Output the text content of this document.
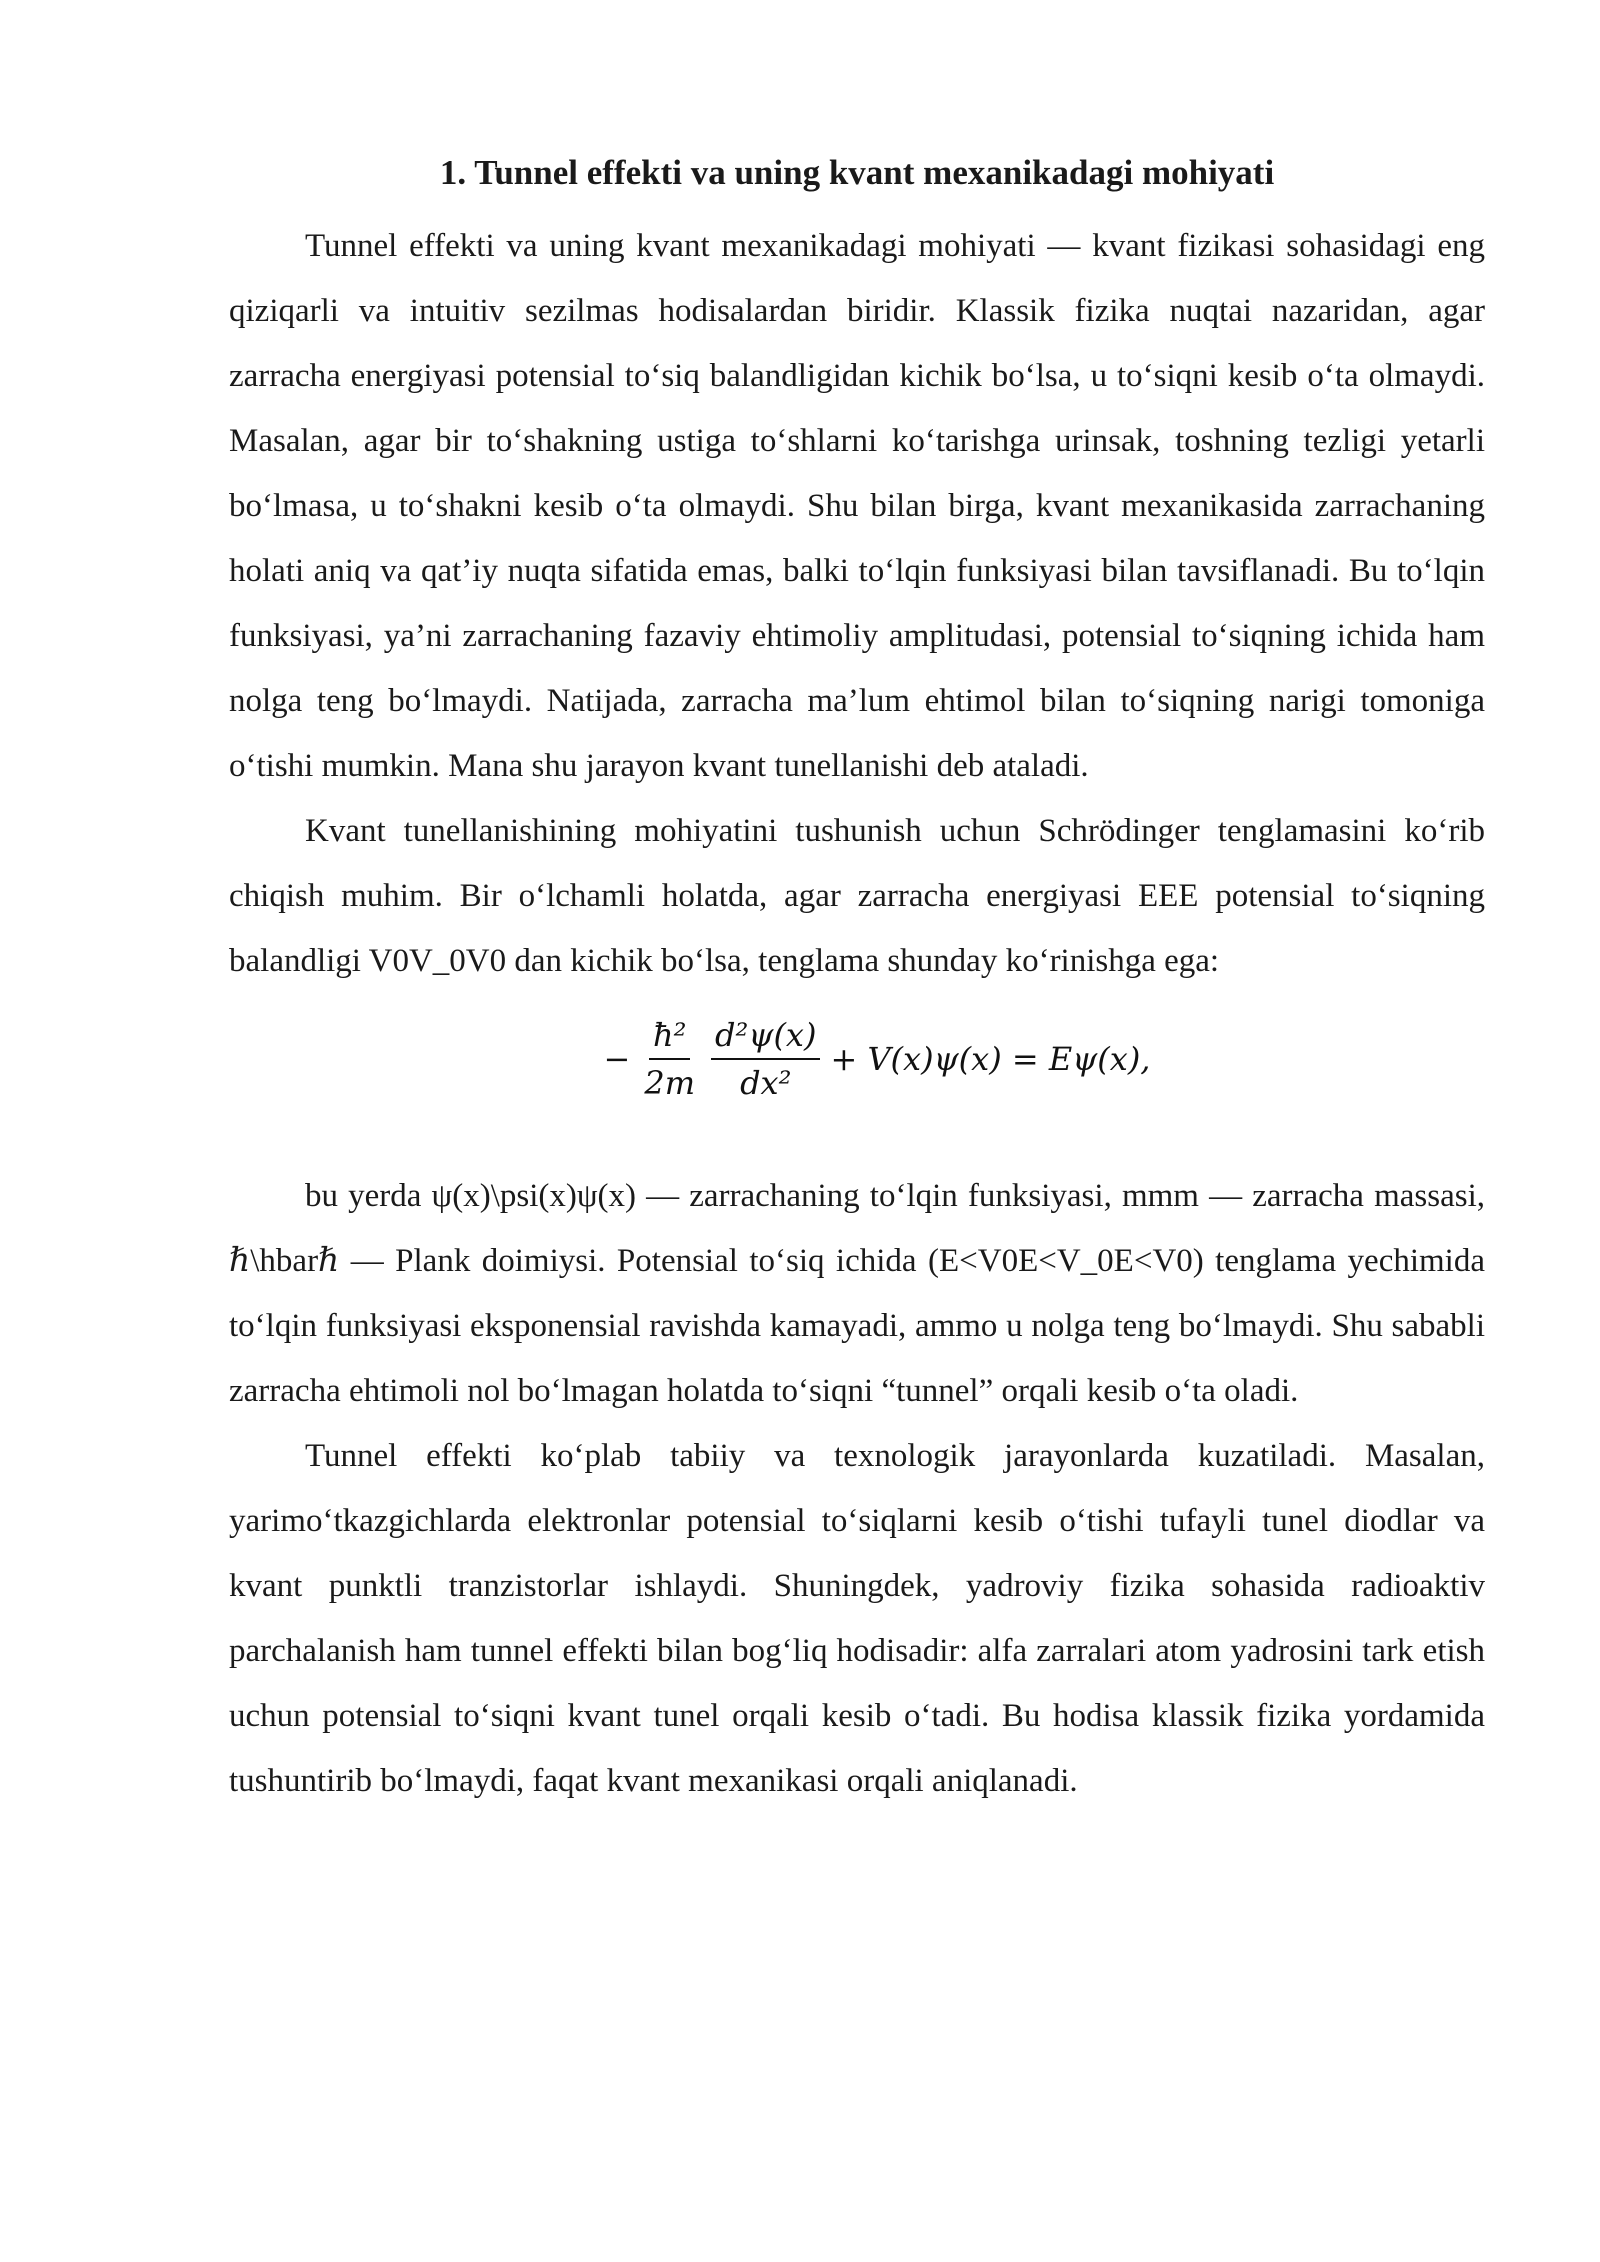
1. Tunnel effekti va uning kvant mexanikadagi mohiyati

Tunnel effekti va uning kvant mexanikadagi mohiyati — kvant fizikasi sohasidagi eng qiziqarli va intuitiv sezilmas hodisalardan biridir. Klassik fizika nuqtai nazaridan, agar zarracha energiyasi potensial to‘siq balandligidan kichik bo‘lsa, u to‘siqni kesib o‘ta olmaydi. Masalan, agar bir to‘shakning ustiga to‘shlarni ko‘tarishga urinsak, toshning tezligi yetarli bo‘lmasa, u to‘shakni kesib o‘ta olmaydi. Shu bilan birga, kvant mexanikasida zarrachaning holati aniq va qat’iy nuqta sifatida emas, balki to‘lqin funksiyasi bilan tavsiflanadi. Bu to‘lqin funksiyasi, ya’ni zarrachaning fazaviy ehtimoliy amplitudasi, potensial to‘siqning ichida ham nolga teng bo‘lmaydi. Natijada, zarracha ma’lum ehtimol bilan to‘siqning narigi tomoniga o‘tishi mumkin. Mana shu jarayon kvant tunellanishi deb ataladi.

Kvant tunellanishining mohiyatini tushunish uchun Schrödinger tenglamasini ko‘rib chiqish muhim. Bir o‘lchamli holatda, agar zarracha energiyasi EEE potensial to‘siqning balandligi V0V_0V0 dan kichik bo‘lsa, tenglama shunday ko‘rinishga ega:

− $\frac{\text{ħ²}}{2m} \frac{\text{d²ψ(x)}}{\text{dx²}} + V(x)\psi(x) = E\psi(x)$,

bu yerda ψ(x)\psi(x)ψ(x) — zarrachaning to‘lqin funksiyasi, mmm — zarracha massasi, ℏ\hbarℏ — Plank doimiysi. Potensial to‘siq ichida (E<V0E<V_0E<V0) tenglama yechimida to‘lqin funksiyasi eksponensial ravishda kamayadi, ammo u nolga teng bo‘lmaydi. Shu sababli zarracha ehtimoli nol bo‘lmagan holatda to‘siqni “tunnel” orqali kesib o‘ta oladi.

Tunnel effekti ko‘plab tabiiy va texnologik jarayonlarda kuzatiladi. Masalan, yarimo‘tkazgichlarda elektronlar potensial to‘siqlarni kesib o‘tishi tufayli tunel diodlar va kvant punktli tranzistorlar ishlaydi. Shuningdek, yadroviy fizika sohasida radioaktiv parchalanish ham tunnel effekti bilan bog‘liq hodisadir: alfa zarralari atom yadrosini tark etish uchun potensial to‘siqni kvant tunel orqali kesib o‘tadi. Bu hodisa klassik fizika yordamida tushuntirib bo‘lmaydi, faqat kvant mexanikasi orqali aniqlanadi.
